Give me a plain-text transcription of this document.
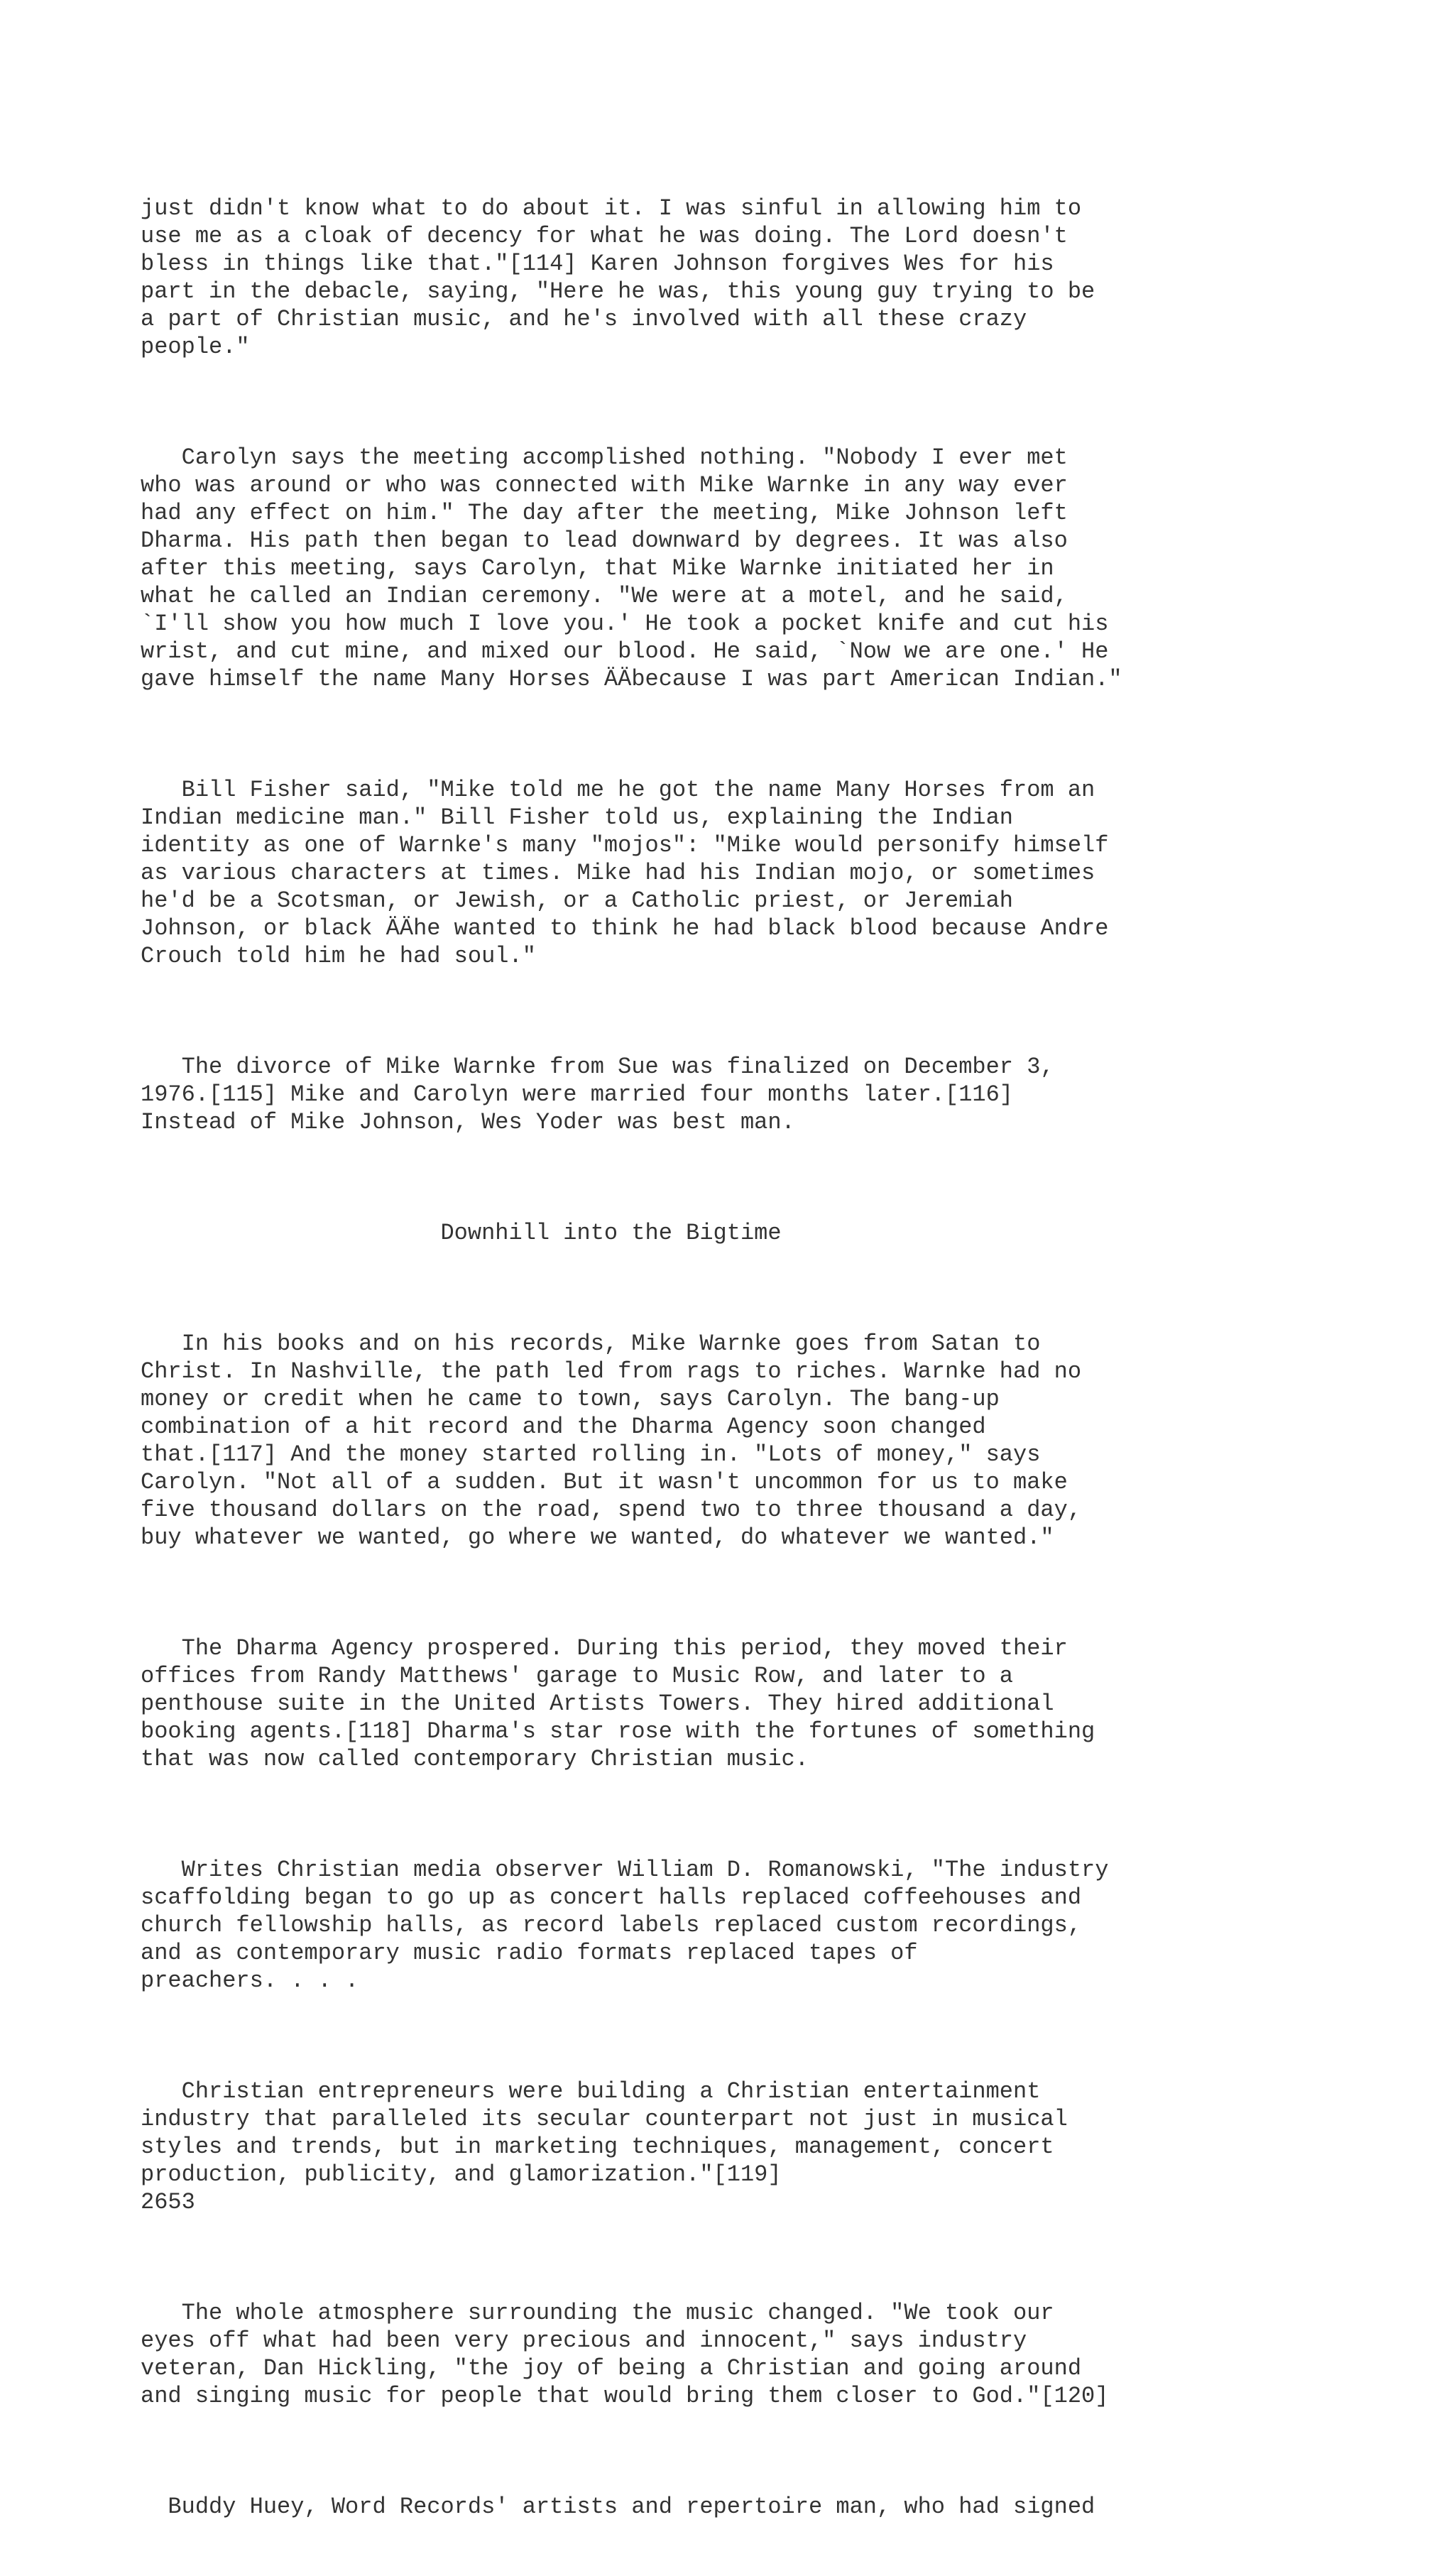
just didn't know what to do about it. I was sinful in allowing him to
use me as a cloak of decency for what he was doing. The Lord doesn't
bless in things like that."[114] Karen Johnson forgives Wes for his
part in the debacle, saying, "Here he was, this young guy trying to be
a part of Christian music, and he's involved with all these crazy
people."

Carolyn says the meeting accomplished nothing. "Nobody I ever met
who was around or who was connected with Mike Warnke in any way ever
had any effect on him." The day after the meeting, Mike Johnson left
Dharma. His path then began to lead downward by degrees. It was also
after this meeting, says Carolyn, that Mike Warnke initiated her in
what he called an Indian ceremony. "We were at a motel, and he said,
`I'll show you how much I love you.' He took a pocket knife and cut his
wrist, and cut mine, and mixed our blood. He said, `Now we are one.' He
gave himself the name Many Horses ÄÄbecause I was part American Indian."

Bill Fisher said, "Mike told me he got the name Many Horses from an
Indian medicine man." Bill Fisher told us, explaining the Indian
identity as one of Warnke's many "mojos": "Mike would personify himself
as various characters at times. Mike had his Indian mojo, or sometimes
he'd be a Scotsman, or Jewish, or a Catholic priest, or Jeremiah
Johnson, or black ÄÄhe wanted to think he had black blood because Andre
Crouch told him he had soul."

The divorce of Mike Warnke from Sue was finalized on December 3,
1976.[115] Mike and Carolyn were married four months later.[116]
Instead of Mike Johnson, Wes Yoder was best man.

Downhill into the Bigtime

In his books and on his records, Mike Warnke goes from Satan to
Christ. In Nashville, the path led from rags to riches. Warnke had no
money or credit when he came to town, says Carolyn. The bang-up
combination of a hit record and the Dharma Agency soon changed
that.[117] And the money started rolling in. "Lots of money," says
Carolyn. "Not all of a sudden. But it wasn't uncommon for us to make
five thousand dollars on the road, spend two to three thousand a day,
buy whatever we wanted, go where we wanted, do whatever we wanted."

The Dharma Agency prospered. During this period, they moved their
offices from Randy Matthews' garage to Music Row, and later to a
penthouse suite in the United Artists Towers. They hired additional
booking agents.[118] Dharma's star rose with the fortunes of something
that was now called contemporary Christian music.

Writes Christian media observer William D. Romanowski, "The industry
scaffolding began to go up as concert halls replaced coffeehouses and
church fellowship halls, as record labels replaced custom recordings,
and as contemporary music radio formats replaced tapes of
preachers. . . .

Christian entrepreneurs were building a Christian entertainment
industry that paralleled its secular counterpart not just in musical
styles and trends, but in marketing techniques, management, concert
production, publicity, and glamorization."[119]
2653

The whole atmosphere surrounding the music changed. "We took our
eyes off what had been very precious and innocent," says industry
veteran, Dan Hickling, "the joy of being a Christian and going around
and singing music for people that would bring them closer to God."[120]

Buddy Huey, Word Records' artists and repertoire man, who had signed
